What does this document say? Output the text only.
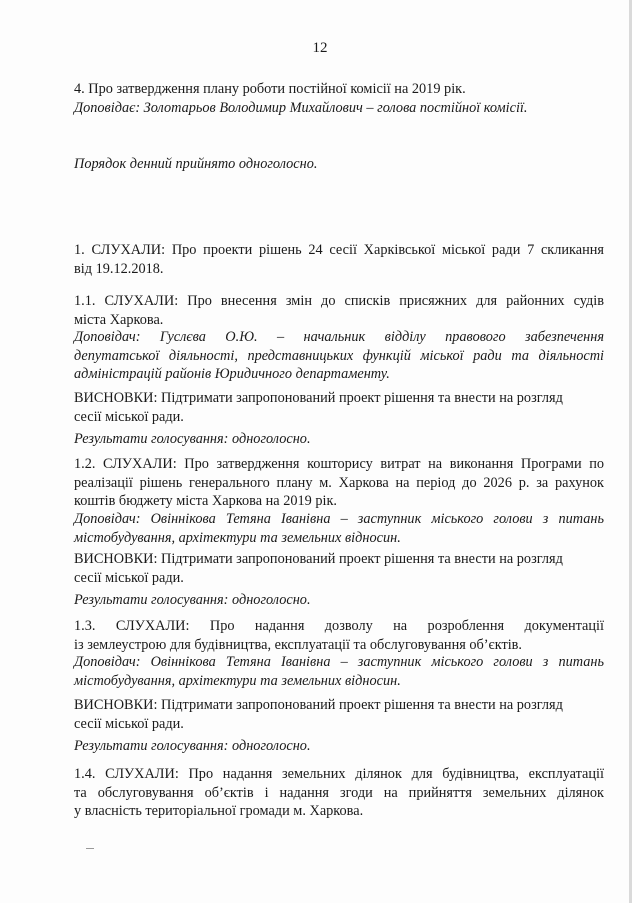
12
4. Про затвердження плану роботи постійної комісії на 2019 рік.
Доповідає: Золотарьов Володимир Михайлович – голова постійної комісії.
Порядок денний прийнято одноголосно.
1. СЛУХАЛИ: Про проекти рішень 24 сесії Харківської міської ради 7 скликання
від 19.12.2018.
1.1. СЛУХАЛИ: Про внесення змін до списків присяжних для районних судів
міста Харкова.
Доповідач: Гуслєва О.Ю. – начальник відділу правового забезпечення
депутатської діяльності, представницьких функцій міської ради та діяльності
адміністрацій районів Юридичного департаменту.
ВИСНОВКИ: Підтримати запропонований проект рішення та внести на розгляд
сесії міської ради.
Результати голосування: одноголосно.
1.2. СЛУХАЛИ: Про затвердження кошторису витрат на виконання Програми по
реалізації рішень генерального плану м. Харкова на період до 2026 р. за рахунок
коштів бюджету міста Харкова на 2019 рік.
Доповідач: Овіннікова Тетяна Іванівна – заступник міського голови з питань
містобудування, архітектури та земельних відносин.
ВИСНОВКИ: Підтримати запропонований проект рішення та внести на розгляд
сесії міської ради.
Результати голосування: одноголосно.
1.3. СЛУХАЛИ: Про надання дозволу на розроблення документації
із землеустрою для будівництва, експлуатації та обслуговування об’єктів.
Доповідач: Овіннікова Тетяна Іванівна – заступник міського голови з питань
містобудування, архітектури та земельних відносин.
ВИСНОВКИ: Підтримати запропонований проект рішення та внести на розгляд
сесії міської ради.
Результати голосування: одноголосно.
1.4. СЛУХАЛИ: Про надання земельних ділянок для будівництва, експлуатації
та обслуговування об’єктів і надання згоди на прийняття земельних ділянок
у власність територіальної громади м. Харкова.
